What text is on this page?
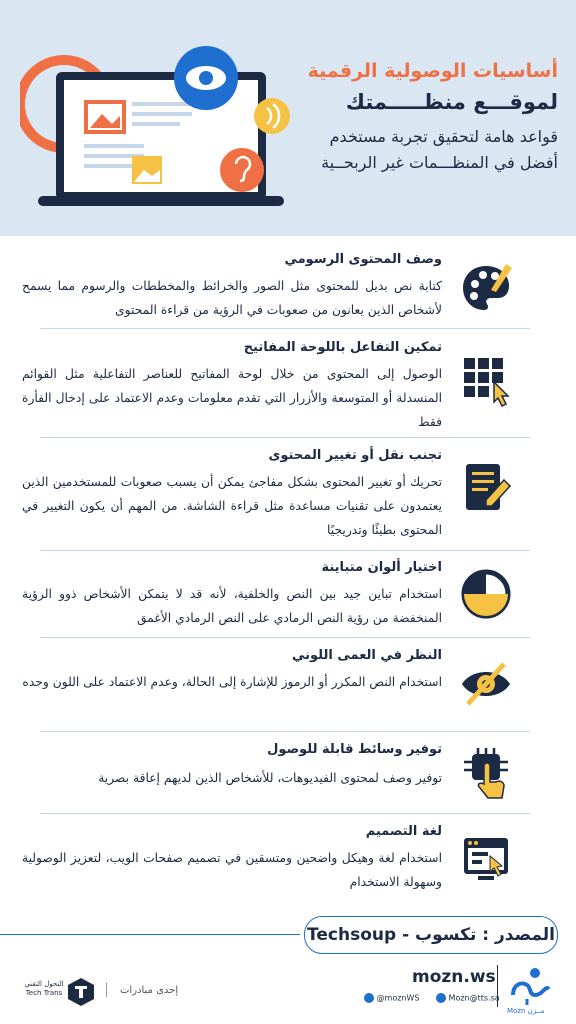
أساسيات الوصولية الرقمية

لموقـــع منظـــــمتك

قواعد هامة لتحقيق تجربة مستخدم

أفضل في المنظـــمات غير الربحــية

وصف المحتوى الرسومي
كتابة نص بديل للمحتوى مثل الصور والخرائط والمخططات والرسوم مما يسمح لأشخاص الذين يعانون من صعوبات في الرؤية من قراءة المحتوى
تمكين التفاعل باللوحة المفاتيح
الوصول إلى المحتوى من خلال لوحة المفاتيح للعناصر التفاعلية مثل القوائم المنسدلة أو المتوسعة والأزرار التي تقدم معلومات وعدم الاعتماد على إدخال الفأرة فقط
تجنب نقل أو تغيير المحتوى
تحريك أو تغيير المحتوى بشكل مفاجئ يمكن أن يسبب صعوبات للمستخدمين الذين يعتمدون على تقنيات مساعدة مثل قراءة الشاشة. من المهم أن يكون التغيير في المحتوى بطيئًا وتدريجيًا
اختيار ألوان متباينة
استخدام تباين جيد بين النص والخلفية، لأنه قد لا يتمكن الأشخاص ذوو الرؤية المنخفضة من رؤية النص الرمادي على النص الرمادي الأغمق
النظر في العمى اللوني
استخدام النص المكرر أو الرموز للإشارة إلى الحالة، وعدم الاعتماد على اللون وحده
توفير وسائط قابلة للوصول
توفير وصف لمحتوى الفيديوهات، للأشخاص الذين لديهم إعاقة بصرية
لغة التصميم
استخدام لغة وهيكل واضحين ومتسقين في تصميم صفحات الويب، لتعزيز الوصولية وسهولة الاستخدام
المصدر : تكسوب - Techsoup
Mozn مــزن
mozn.ws
@moznWS	Mozn@tts.sa
إحدى مبادرات
التحول التقني
Tech Trans
